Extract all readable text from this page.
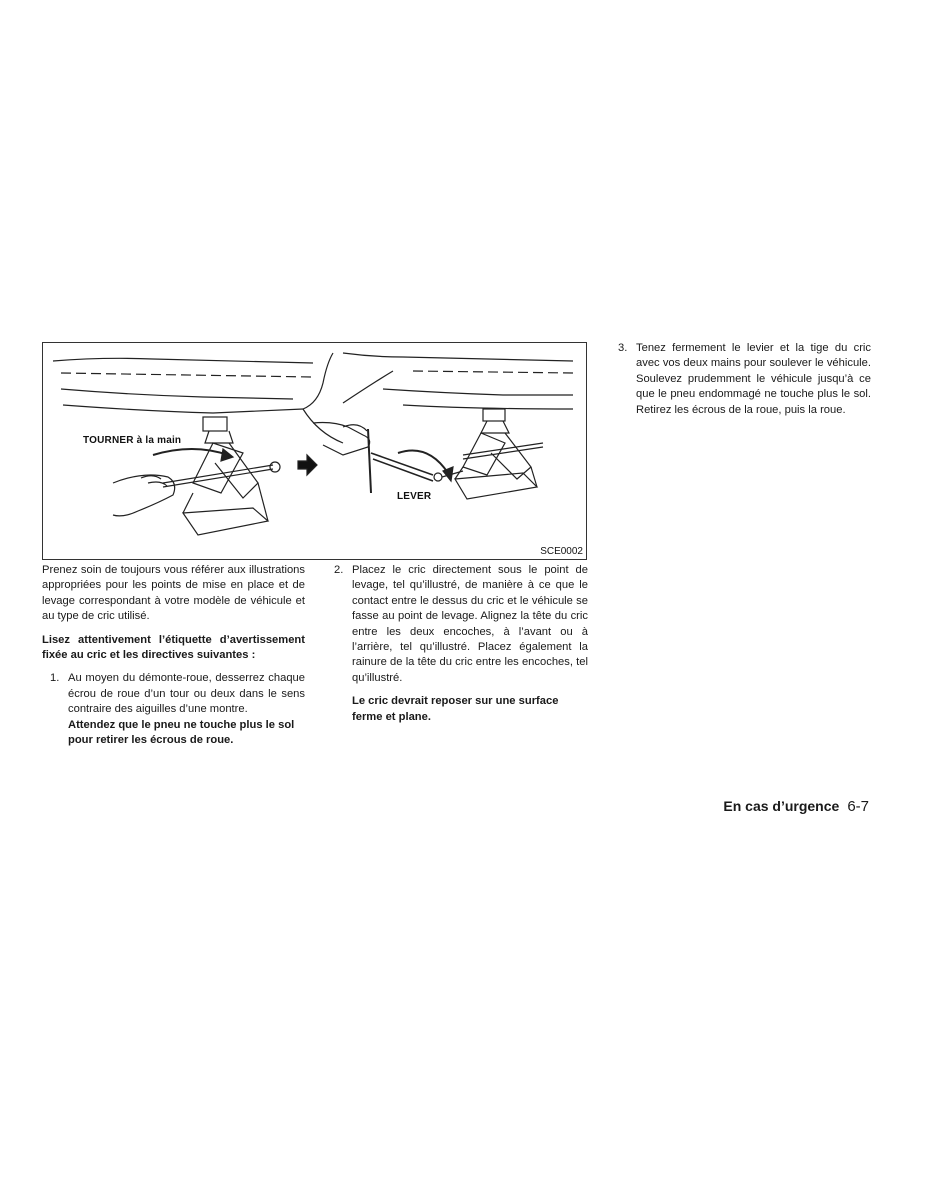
TOURNER à la main
LEVER
SCE0002

Prenez soin de toujours vous référer aux illustrations appropriées pour les points de mise en place et de levage correspondant à votre modèle de véhicule et au type de cric utilisé.

Lisez attentivement l’étiquette d’avertissement fixée au cric et les directives suivantes :

1. Au moyen du démonte-roue, desserrez chaque écrou de roue d’un tour ou deux dans le sens contraire des aiguilles d’une montre.

Attendez que le pneu ne touche plus le sol pour retirer les écrous de roue.

2. Placez le cric directement sous le point de levage, tel qu’illustré, de manière à ce que le contact entre le dessus du cric et le véhicule se fasse au point de levage. Alignez la tête du cric entre les deux encoches, à l’avant ou à l’arrière, tel qu’illustré. Placez également la rainure de la tête du cric entre les encoches, tel qu’illustré.

Le cric devrait reposer sur une surface ferme et plane.

3. Tenez fermement le levier et la tige du cric avec vos deux mains pour soulever le véhicule. Soulevez prudemment le véhicule jusqu’à ce que le pneu endommagé ne touche plus le sol. Retirez les écrous de la roue, puis la roue.

En cas d’urgence 6-7
